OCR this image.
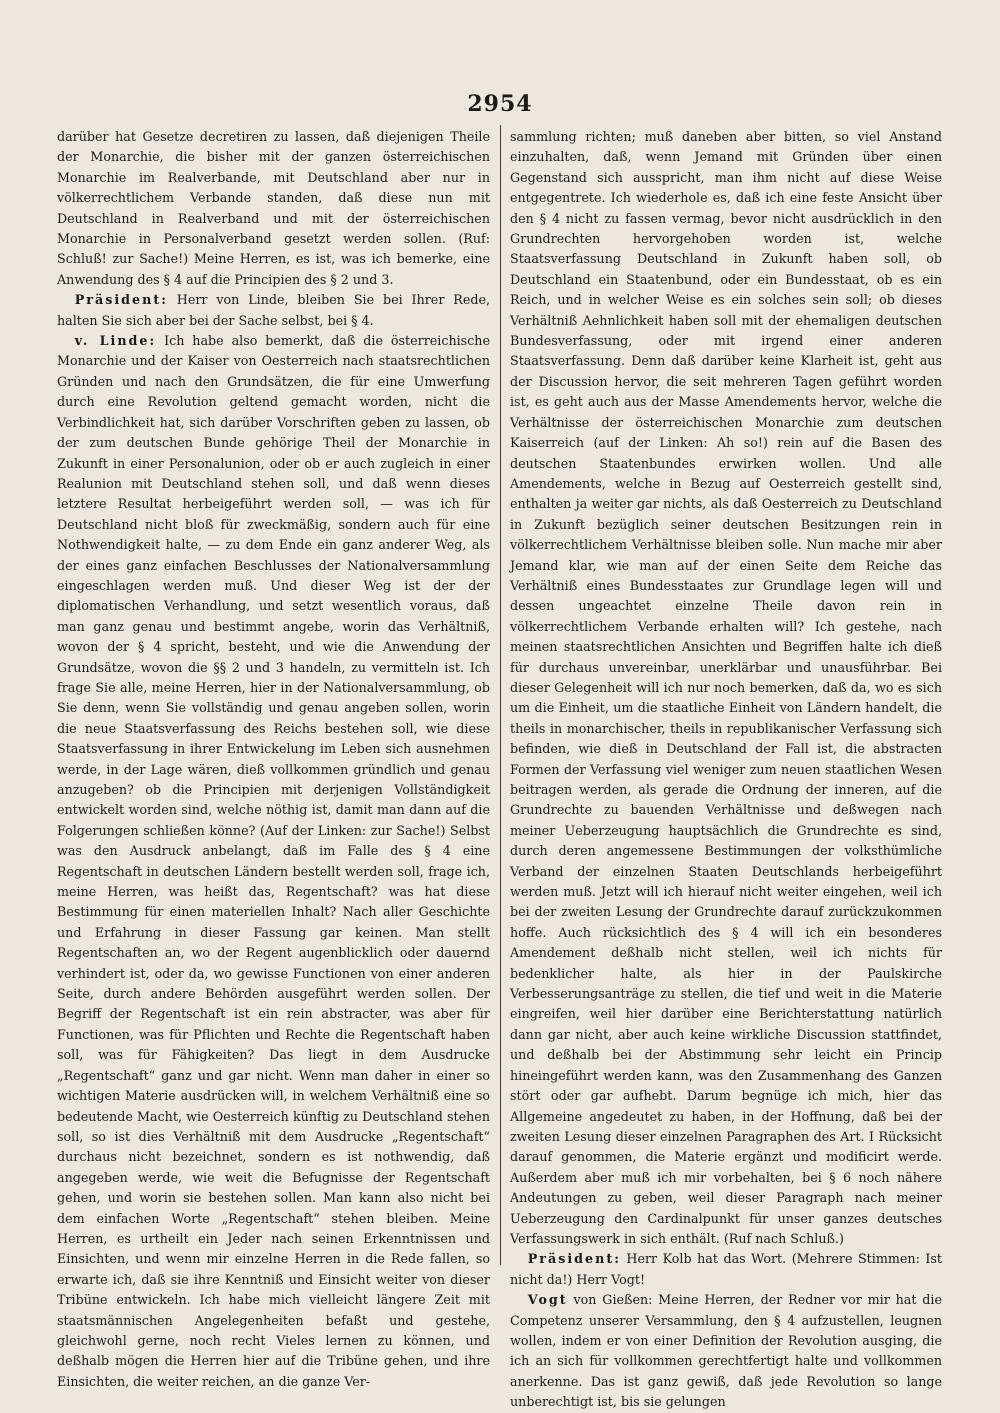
2954

darüber hat Gesetze decretiren zu lassen, daß diejenigen Theile der Monarchie, die bisher mit der ganzen österreichischen Monarchie im Realverbande, mit Deutschland aber nur in völkerrechtlichem Verbande standen, daß diese nun mit Deutschland in Realverband und mit der österreichischen Monarchie in Personalverband gesetzt werden sollen. (Ruf: Schluß! zur Sache!) Meine Herren, es ist, was ich bemerke, eine Anwendung des § 4 auf die Principien des § 2 und 3.

Präsident: Herr von Linde, bleiben Sie bei Ihrer Rede, halten Sie sich aber bei der Sache selbst, bei § 4.

v. Linde: Ich habe also bemerkt, daß die österreichische Monarchie und der Kaiser von Oesterreich nach staatsrechtlichen Gründen und nach den Grundsätzen, die für eine Umwerfung durch eine Revolution geltend gemacht worden, nicht die Verbindlichkeit hat, sich darüber Vorschriften geben zu lassen, ob der zum deutschen Bunde gehörige Theil der Monarchie in Zukunft in einer Personalunion, oder ob er auch zugleich in einer Realunion mit Deutschland stehen soll, und daß wenn dieses letztere Resultat herbeigeführt werden soll, — was ich für Deutschland nicht bloß für zweckmäßig, sondern auch für eine Nothwendigkeit halte, — zu dem Ende ein ganz anderer Weg, als der eines ganz einfachen Beschlusses der Nationalversammlung eingeschlagen werden muß. Und dieser Weg ist der der diplomatischen Verhandlung, und setzt wesentlich voraus, daß man ganz genau und bestimmt angebe, worin das Verhältniß, wovon der § 4 spricht, besteht, und wie die Anwendung der Grundsätze, wovon die §§ 2 und 3 handeln, zu vermitteln ist. Ich frage Sie alle, meine Herren, hier in der Nationalversammlung, ob Sie denn, wenn Sie vollständig und genau angeben sollen, worin die neue Staatsverfassung des Reichs bestehen soll, wie diese Staatsverfassung in ihrer Entwickelung im Leben sich ausnehmen werde, in der Lage wären, dieß vollkommen gründlich und genau anzugeben? ob die Principien mit derjenigen Vollständigkeit entwickelt worden sind, welche nöthig ist, damit man dann auf die Folgerungen schließen könne? (Auf der Linken: zur Sache!) Selbst was den Ausdruck anbelangt, daß im Falle des § 4 eine Regentschaft in deutschen Ländern bestellt werden soll, frage ich, meine Herren, was heißt das, Regentschaft? was hat diese Bestimmung für einen materiellen Inhalt? Nach aller Geschichte und Erfahrung in dieser Fassung gar keinen. Man stellt Regentschaften an, wo der Regent augenblicklich oder dauernd verhindert ist, oder da, wo gewisse Functionen von einer anderen Seite, durch andere Behörden ausgeführt werden sollen. Der Begriff der Regentschaft ist ein rein abstracter, was aber für Functionen, was für Pflichten und Rechte die Regentschaft haben soll, was für Fähigkeiten? Das liegt in dem Ausdrucke „Regentschaft“ ganz und gar nicht. Wenn man daher in einer so wichtigen Materie ausdrücken will, in welchem Verhältniß eine so bedeutende Macht, wie Oesterreich künftig zu Deutschland stehen soll, so ist dies Verhältniß mit dem Ausdrucke „Regentschaft“ durchaus nicht bezeichnet, sondern es ist nothwendig, daß angegeben werde, wie weit die Befugnisse der Regentschaft gehen, und worin sie bestehen sollen. Man kann also nicht bei dem einfachen Worte „Regentschaft“ stehen bleiben. Meine Herren, es urtheilt ein Jeder nach seinen Erkenntnissen und Einsichten, und wenn mir einzelne Herren in die Rede fallen, so erwarte ich, daß sie ihre Kenntniß und Einsicht weiter von dieser Tribüne entwickeln. Ich habe mich vielleicht längere Zeit mit staatsmännischen Angelegenheiten befaßt und gestehe, gleichwohl gerne, noch recht Vieles lernen zu können, und deßhalb mögen die Herren hier auf die Tribüne gehen, und ihre Einsichten, die weiter reichen, an die ganze Ver-

sammlung richten; muß daneben aber bitten, so viel Anstand einzuhalten, daß, wenn Jemand mit Gründen über einen Gegenstand sich ausspricht, man ihm nicht auf diese Weise entgegentrete. Ich wiederhole es, daß ich eine feste Ansicht über den § 4 nicht zu fassen vermag, bevor nicht ausdrücklich in den Grundrechten hervorgehoben worden ist, welche Staatsverfassung Deutschland in Zukunft haben soll, ob Deutschland ein Staatenbund, oder ein Bundesstaat, ob es ein Reich, und in welcher Weise es ein solches sein soll; ob dieses Verhältniß Aehnlichkeit haben soll mit der ehemaligen deutschen Bundesverfassung, oder mit irgend einer anderen Staatsverfassung. Denn daß darüber keine Klarheit ist, geht aus der Discussion hervor, die seit mehreren Tagen geführt worden ist, es geht auch aus der Masse Amendements hervor, welche die Verhältnisse der österreichischen Monarchie zum deutschen Kaiserreich (auf der Linken: Ah so!) rein auf die Basen des deutschen Staatenbundes erwirken wollen. Und alle Amendements, welche in Bezug auf Oesterreich gestellt sind, enthalten ja weiter gar nichts, als daß Oesterreich zu Deutschland in Zukunft bezüglich seiner deutschen Besitzungen rein in völkerrechtlichem Verhältnisse bleiben solle. Nun mache mir aber Jemand klar, wie man auf der einen Seite dem Reiche das Verhältniß eines Bundesstaates zur Grundlage legen will und dessen ungeachtet einzelne Theile davon rein in völkerrechtlichem Verbande erhalten will? Ich gestehe, nach meinen staatsrechtlichen Ansichten und Begriffen halte ich dieß für durchaus unvereinbar, unerklärbar und unausführbar. Bei dieser Gelegenheit will ich nur noch bemerken, daß da, wo es sich um die Einheit, um die staatliche Einheit von Ländern handelt, die theils in monarchischer, theils in republikanischer Verfassung sich befinden, wie dieß in Deutschland der Fall ist, die abstracten Formen der Verfassung viel weniger zum neuen staatlichen Wesen beitragen werden, als gerade die Ordnung der inneren, auf die Grundrechte zu bauenden Verhältnisse und deßwegen nach meiner Ueberzeugung hauptsächlich die Grundrechte es sind, durch deren angemessene Bestimmungen der volksthümliche Verband der einzelnen Staaten Deutschlands herbeigeführt werden muß. Jetzt will ich hierauf nicht weiter eingehen, weil ich bei der zweiten Lesung der Grundrechte darauf zurückzukommen hoffe. Auch rücksichtlich des § 4 will ich ein besonderes Amendement deßhalb nicht stellen, weil ich nichts für bedenklicher halte, als hier in der Paulskirche Verbesserungsanträge zu stellen, die tief und weit in die Materie eingreifen, weil hier darüber eine Berichterstattung natürlich dann gar nicht, aber auch keine wirkliche Discussion stattfindet, und deßhalb bei der Abstimmung sehr leicht ein Princip hineingeführt werden kann, was den Zusammenhang des Ganzen stört oder gar aufhebt. Darum begnüge ich mich, hier das Allgemeine angedeutet zu haben, in der Hoffnung, daß bei der zweiten Lesung dieser einzelnen Paragraphen des Art. I Rücksicht darauf genommen, die Materie ergänzt und modificirt werde. Außerdem aber muß ich mir vorbehalten, bei § 6 noch nähere Andeutungen zu geben, weil dieser Paragraph nach meiner Ueberzeugung den Cardinalpunkt für unser ganzes deutsches Verfassungswerk in sich enthält. (Ruf nach Schluß.)

Präsident: Herr Kolb hat das Wort. (Mehrere Stimmen: Ist nicht da!) Herr Vogt!

Vogt von Gießen: Meine Herren, der Redner vor mir hat die Competenz unserer Versammlung, den § 4 aufzustellen, leugnen wollen, indem er von einer Definition der Revolution ausging, die ich an sich für vollkommen gerechtfertigt halte und vollkommen anerkenne. Das ist ganz gewiß, daß jede Revolution so lange unberechtigt ist, bis sie gelungen
